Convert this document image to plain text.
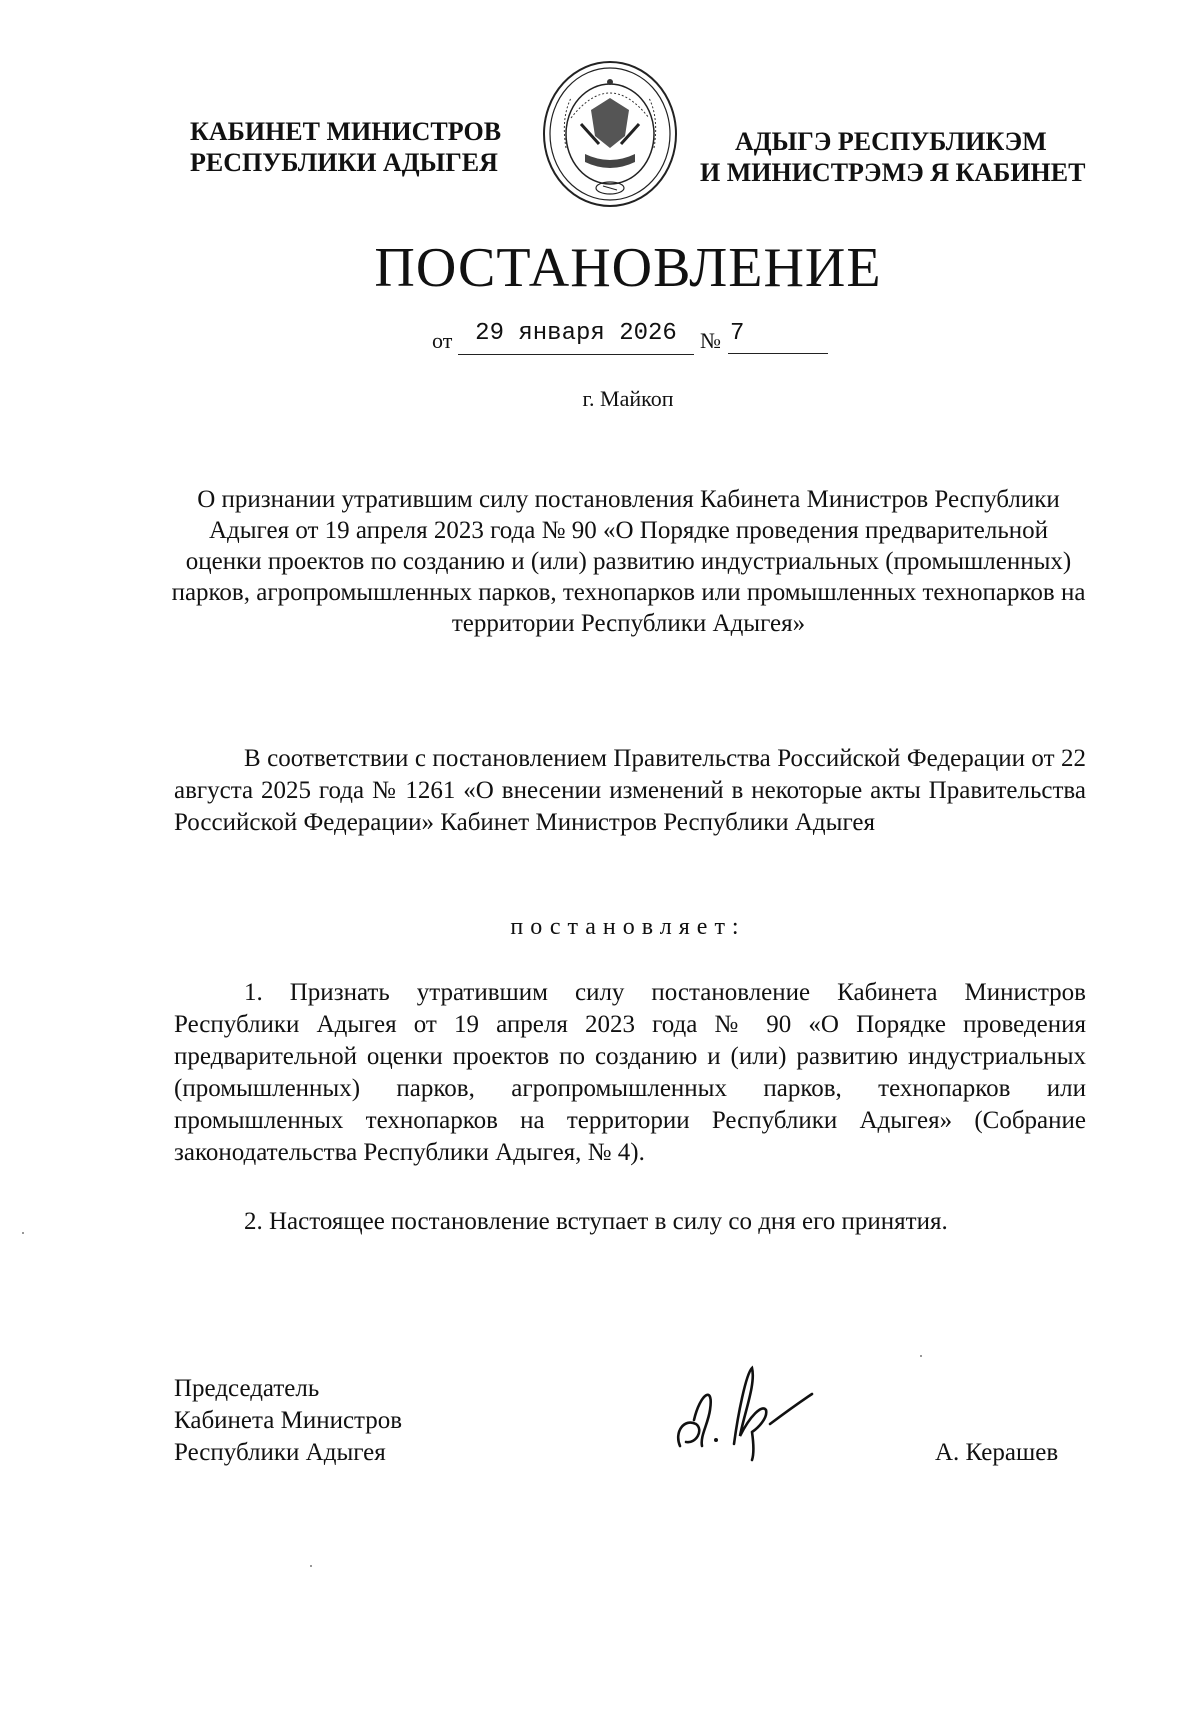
КАБИНЕТ МИНИСТРОВ
РЕСПУБЛИКИ АДЫГЕЯ
АДЫГЭ РЕСПУБЛИКЭМ
И МИНИСТРЭМЭ Я КАБИНЕТ
ПОСТАНОВЛЕНИЕ
от 29 января 2026	№ 7
г. Майкоп
О признании утратившим силу постановления Кабинета Министров Республики Адыгея от 19 апреля 2023 года № 90 «О Порядке проведения предварительной оценки проектов по созданию и (или) развитию индустриальных (промышленных) парков, агропромышленных парков, технопарков или промышленных технопарков на территории Республики Адыгея»
В соответствии с постановлением Правительства Российской Федерации от 22 августа 2025 года № 1261 «О внесении изменений в некоторые акты Правительства Российской Федерации» Кабинет Министров Республики Адыгея
постановляет:
1. Признать утратившим силу постановление Кабинета Министров Республики Адыгея от 19 апреля 2023 года № 90 «О Порядке проведения предварительной оценки проектов по созданию и (или) развитию индустриальных (промышленных) парков, агропромышленных парков, технопарков или промышленных технопарков на территории Республики Адыгея» (Собрание законодательства Республики Адыгея, № 4).
2. Настоящее постановление вступает в силу со дня его принятия.
Председатель
Кабинета Министров
Республики Адыгея	А. Керашев
